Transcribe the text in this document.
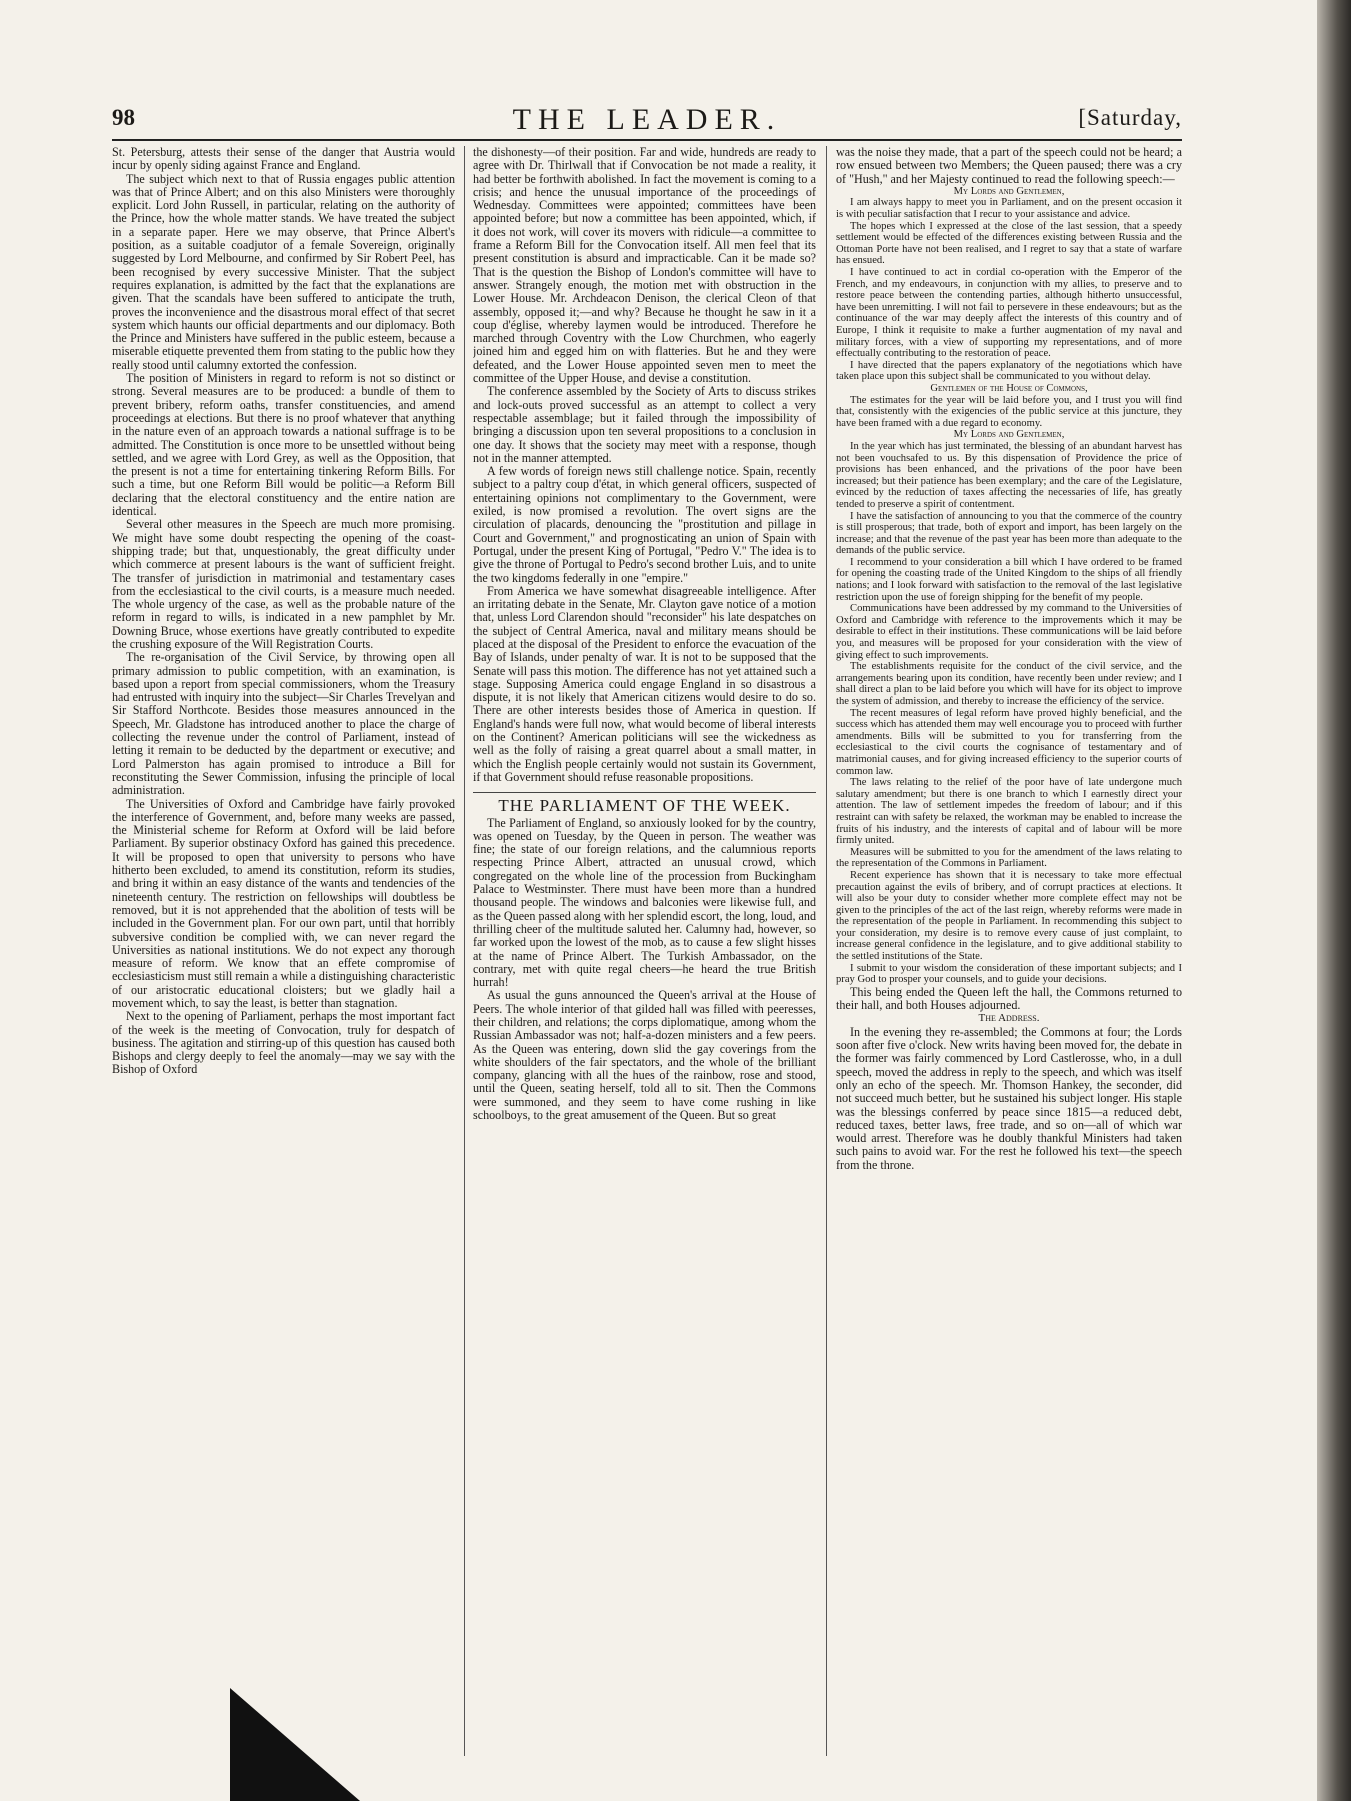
98	THE LEADER.	[Saturday,

St. Petersburg, attests their sense of the danger that Austria would incur by openly siding against France and England.

The subject which next to that of Russia engages public attention was that of Prince Albert; and on this also Ministers were thoroughly explicit. Lord John Russell, in particular, relating on the authority of the Prince, how the whole matter stands. We have treated the subject in a separate paper. Here we may observe, that Prince Albert's position, as a suitable coadjutor of a female Sovereign, originally suggested by Lord Melbourne, and confirmed by Sir Robert Peel, has been recognised by every successive Minister. That the subject requires explanation, is admitted by the fact that the explanations are given. That the scandals have been suffered to anticipate the truth, proves the inconvenience and the disastrous moral effect of that secret system which haunts our official departments and our diplomacy. Both the Prince and Ministers have suffered in the public esteem, because a miserable etiquette prevented them from stating to the public how they really stood until calumny extorted the confession.

The position of Ministers in regard to reform is not so distinct or strong. Several measures are to be produced: a bundle of them to prevent bribery, reform oaths, transfer constituencies, and amend proceedings at elections. But there is no proof whatever that anything in the nature even of an approach towards a national suffrage is to be admitted. The Constitution is once more to be unsettled without being settled, and we agree with Lord Grey, as well as the Opposition, that the present is not a time for entertaining tinkering Reform Bills. For such a time, but one Reform Bill would be politic—a Reform Bill declaring that the electoral constituency and the entire nation are identical.

Several other measures in the Speech are much more promising. We might have some doubt respecting the opening of the coast-shipping trade; but that, unquestionably, the great difficulty under which commerce at present labours is the want of sufficient freight. The transfer of jurisdiction in matrimonial and testamentary cases from the ecclesiastical to the civil courts, is a measure much needed. The whole urgency of the case, as well as the probable nature of the reform in regard to wills, is indicated in a new pamphlet by Mr. Downing Bruce, whose exertions have greatly contributed to expedite the crushing exposure of the Will Registration Courts.

The re-organisation of the Civil Service, by throwing open all primary admission to public competition, with an examination, is based upon a report from special commissioners, whom the Treasury had entrusted with inquiry into the subject—Sir Charles Trevelyan and Sir Stafford Northcote. Besides those measures announced in the Speech, Mr. Gladstone has introduced another to place the charge of collecting the revenue under the control of Parliament, instead of letting it remain to be deducted by the department or executive; and Lord Palmerston has again promised to introduce a Bill for reconstituting the Sewer Commission, infusing the principle of local administration.

The Universities of Oxford and Cambridge have fairly provoked the interference of Government, and, before many weeks are passed, the Ministerial scheme for Reform at Oxford will be laid before Parliament. By superior obstinacy Oxford has gained this precedence. It will be proposed to open that university to persons who have hitherto been excluded, to amend its constitution, reform its studies, and bring it within an easy distance of the wants and tendencies of the nineteenth century. The restriction on fellowships will doubtless be removed, but it is not apprehended that the abolition of tests will be included in the Government plan. For our own part, until that horribly subversive condition be complied with, we can never regard the Universities as national institutions. We do not expect any thorough measure of reform. We know that an effete compromise of ecclesiasticism must still remain a while a distinguishing characteristic of our aristocratic educational cloisters; but we gladly hail a movement which, to say the least, is better than stagnation.

Next to the opening of Parliament, perhaps the most important fact of the week is the meeting of Convocation, truly for despatch of business. The agitation and stirring-up of this question has caused both Bishops and clergy deeply to feel the anomaly—may we say with the Bishop of Oxford

the dishonesty—of their position. Far and wide, hundreds are ready to agree with Dr. Thirlwall that if Convocation be not made a reality, it had better be forthwith abolished. In fact the movement is coming to a crisis; and hence the unusual importance of the proceedings of Wednesday. Committees were appointed; committees have been appointed before; but now a committee has been appointed, which, if it does not work, will cover its movers with ridicule—a committee to frame a Reform Bill for the Convocation itself. All men feel that its present constitution is absurd and impracticable. Can it be made so? That is the question the Bishop of London's committee will have to answer. Strangely enough, the motion met with obstruction in the Lower House. Mr. Archdeacon Denison, the clerical Cleon of that assembly, opposed it;—and why? Because he thought he saw in it a coup d'église, whereby laymen would be introduced. Therefore he marched through Coventry with the Low Churchmen, who eagerly joined him and egged him on with flatteries. But he and they were defeated, and the Lower House appointed seven men to meet the committee of the Upper House, and devise a constitution.

The conference assembled by the Society of Arts to discuss strikes and lock-outs proved successful as an attempt to collect a very respectable assemblage; but it failed through the impossibility of bringing a discussion upon ten several propositions to a conclusion in one day. It shows that the society may meet with a response, though not in the manner attempted.

A few words of foreign news still challenge notice. Spain, recently subject to a paltry coup d'état, in which general officers, suspected of entertaining opinions not complimentary to the Government, were exiled, is now promised a revolution. The overt signs are the circulation of placards, denouncing the "prostitution and pillage in Court and Government," and prognosticating an union of Spain with Portugal, under the present King of Portugal, "Pedro V." The idea is to give the throne of Portugal to Pedro's second brother Luis, and to unite the two kingdoms federally in one "empire."

From America we have somewhat disagreeable intelligence. After an irritating debate in the Senate, Mr. Clayton gave notice of a motion that, unless Lord Clarendon should "reconsider" his late despatches on the subject of Central America, naval and military means should be placed at the disposal of the President to enforce the evacuation of the Bay of Islands, under penalty of war. It is not to be supposed that the Senate will pass this motion. The difference has not yet attained such a stage. Supposing America could engage England in so disastrous a dispute, it is not likely that American citizens would desire to do so. There are other interests besides those of America in question. If England's hands were full now, what would become of liberal interests on the Continent? American politicians will see the wickedness as well as the folly of raising a great quarrel about a small matter, in which the English people certainly would not sustain its Government, if that Government should refuse reasonable propositions.

THE PARLIAMENT OF THE WEEK.

The Parliament of England, so anxiously looked for by the country, was opened on Tuesday, by the Queen in person. The weather was fine; the state of our foreign relations, and the calumnious reports respecting Prince Albert, attracted an unusual crowd, which congregated on the whole line of the procession from Buckingham Palace to Westminster. There must have been more than a hundred thousand people. The windows and balconies were likewise full, and as the Queen passed along with her splendid escort, the long, loud, and thrilling cheer of the multitude saluted her. Calumny had, however, so far worked upon the lowest of the mob, as to cause a few slight hisses at the name of Prince Albert. The Turkish Ambassador, on the contrary, met with quite regal cheers—he heard the true British hurrah!

As usual the guns announced the Queen's arrival at the House of Peers. The whole interior of that gilded hall was filled with peeresses, their children, and relations; the corps diplomatique, among whom the Russian Ambassador was not; half-a-dozen ministers and a few peers. As the Queen was entering, down slid the gay coverings from the white shoulders of the fair spectators, and the whole of the brilliant company, glancing with all the hues of the rainbow, rose and stood, until the Queen, seating herself, told all to sit. Then the Commons were summoned, and they seem to have come rushing in like schoolboys, to the great amusement of the Queen. But so great

was the noise they made, that a part of the speech could not be heard; a row ensued between two Members; the Queen paused; there was a cry of "Hush," and her Majesty continued to read the following speech:—

My Lords and Gentlemen,

I am always happy to meet you in Parliament, and on the present occasion it is with peculiar satisfaction that I recur to your assistance and advice.

The hopes which I expressed at the close of the last session, that a speedy settlement would be effected of the differences existing between Russia and the Ottoman Porte have not been realised, and I regret to say that a state of warfare has ensued.

I have continued to act in cordial co-operation with the Emperor of the French, and my endeavours, in conjunction with my allies, to preserve and to restore peace between the contending parties, although hitherto unsuccessful, have been unremitting. I will not fail to persevere in these endeavours; but as the continuance of the war may deeply affect the interests of this country and of Europe, I think it requisite to make a further augmentation of my naval and military forces, with a view of supporting my representations, and of more effectually contributing to the restoration of peace.

I have directed that the papers explanatory of the negotiations which have taken place upon this subject shall be communicated to you without delay.

Gentlemen of the House of Commons,

The estimates for the year will be laid before you, and I trust you will find that, consistently with the exigencies of the public service at this juncture, they have been framed with a due regard to economy.

My Lords and Gentlemen,

In the year which has just terminated, the blessing of an abundant harvest has not been vouchsafed to us. By this dispensation of Providence the price of provisions has been enhanced, and the privations of the poor have been increased; but their patience has been exemplary; and the care of the Legislature, evinced by the reduction of taxes affecting the necessaries of life, has greatly tended to preserve a spirit of contentment.

I have the satisfaction of announcing to you that the commerce of the country is still prosperous; that trade, both of export and import, has been largely on the increase; and that the revenue of the past year has been more than adequate to the demands of the public service.

I recommend to your consideration a bill which I have ordered to be framed for opening the coasting trade of the United Kingdom to the ships of all friendly nations; and I look forward with satisfaction to the removal of the last legislative restriction upon the use of foreign shipping for the benefit of my people.

Communications have been addressed by my command to the Universities of Oxford and Cambridge with reference to the improvements which it may be desirable to effect in their institutions. These communications will be laid before you, and measures will be proposed for your consideration with the view of giving effect to such improvements.

The establishments requisite for the conduct of the civil service, and the arrangements bearing upon its condition, have recently been under review; and I shall direct a plan to be laid before you which will have for its object to improve the system of admission, and thereby to increase the efficiency of the service.

The recent measures of legal reform have proved highly beneficial, and the success which has attended them may well encourage you to proceed with further amendments. Bills will be submitted to you for transferring from the ecclesiastical to the civil courts the cognisance of testamentary and of matrimonial causes, and for giving increased efficiency to the superior courts of common law.

The laws relating to the relief of the poor have of late undergone much salutary amendment; but there is one branch to which I earnestly direct your attention. The law of settlement impedes the freedom of labour; and if this restraint can with safety be relaxed, the workman may be enabled to increase the fruits of his industry, and the interests of capital and of labour will be more firmly united.

Measures will be submitted to you for the amendment of the laws relating to the representation of the Commons in Parliament.

Recent experience has shown that it is necessary to take more effectual precaution against the evils of bribery, and of corrupt practices at elections. It will also be your duty to consider whether more complete effect may not be given to the principles of the act of the last reign, whereby reforms were made in the representation of the people in Parliament. In recommending this subject to your consideration, my desire is to remove every cause of just complaint, to increase general confidence in the legislature, and to give additional stability to the settled institutions of the State.

I submit to your wisdom the consideration of these important subjects; and I pray God to prosper your counsels, and to guide your decisions.

This being ended the Queen left the hall, the Commons returned to their hall, and both Houses adjourned.

The Address.

In the evening they re-assembled; the Commons at four; the Lords soon after five o'clock. New writs having been moved for, the debate in the former was fairly commenced by Lord Castlerosse, who, in a dull speech, moved the address in reply to the speech, and which was itself only an echo of the speech. Mr. Thomson Hankey, the seconder, did not succeed much better, but he sustained his subject longer. His staple was the blessings conferred by peace since 1815—a reduced debt, reduced taxes, better laws, free trade, and so on—all of which war would arrest. Therefore was he doubly thankful Ministers had taken such pains to avoid war. For the rest he followed his text—the speech from the throne.
